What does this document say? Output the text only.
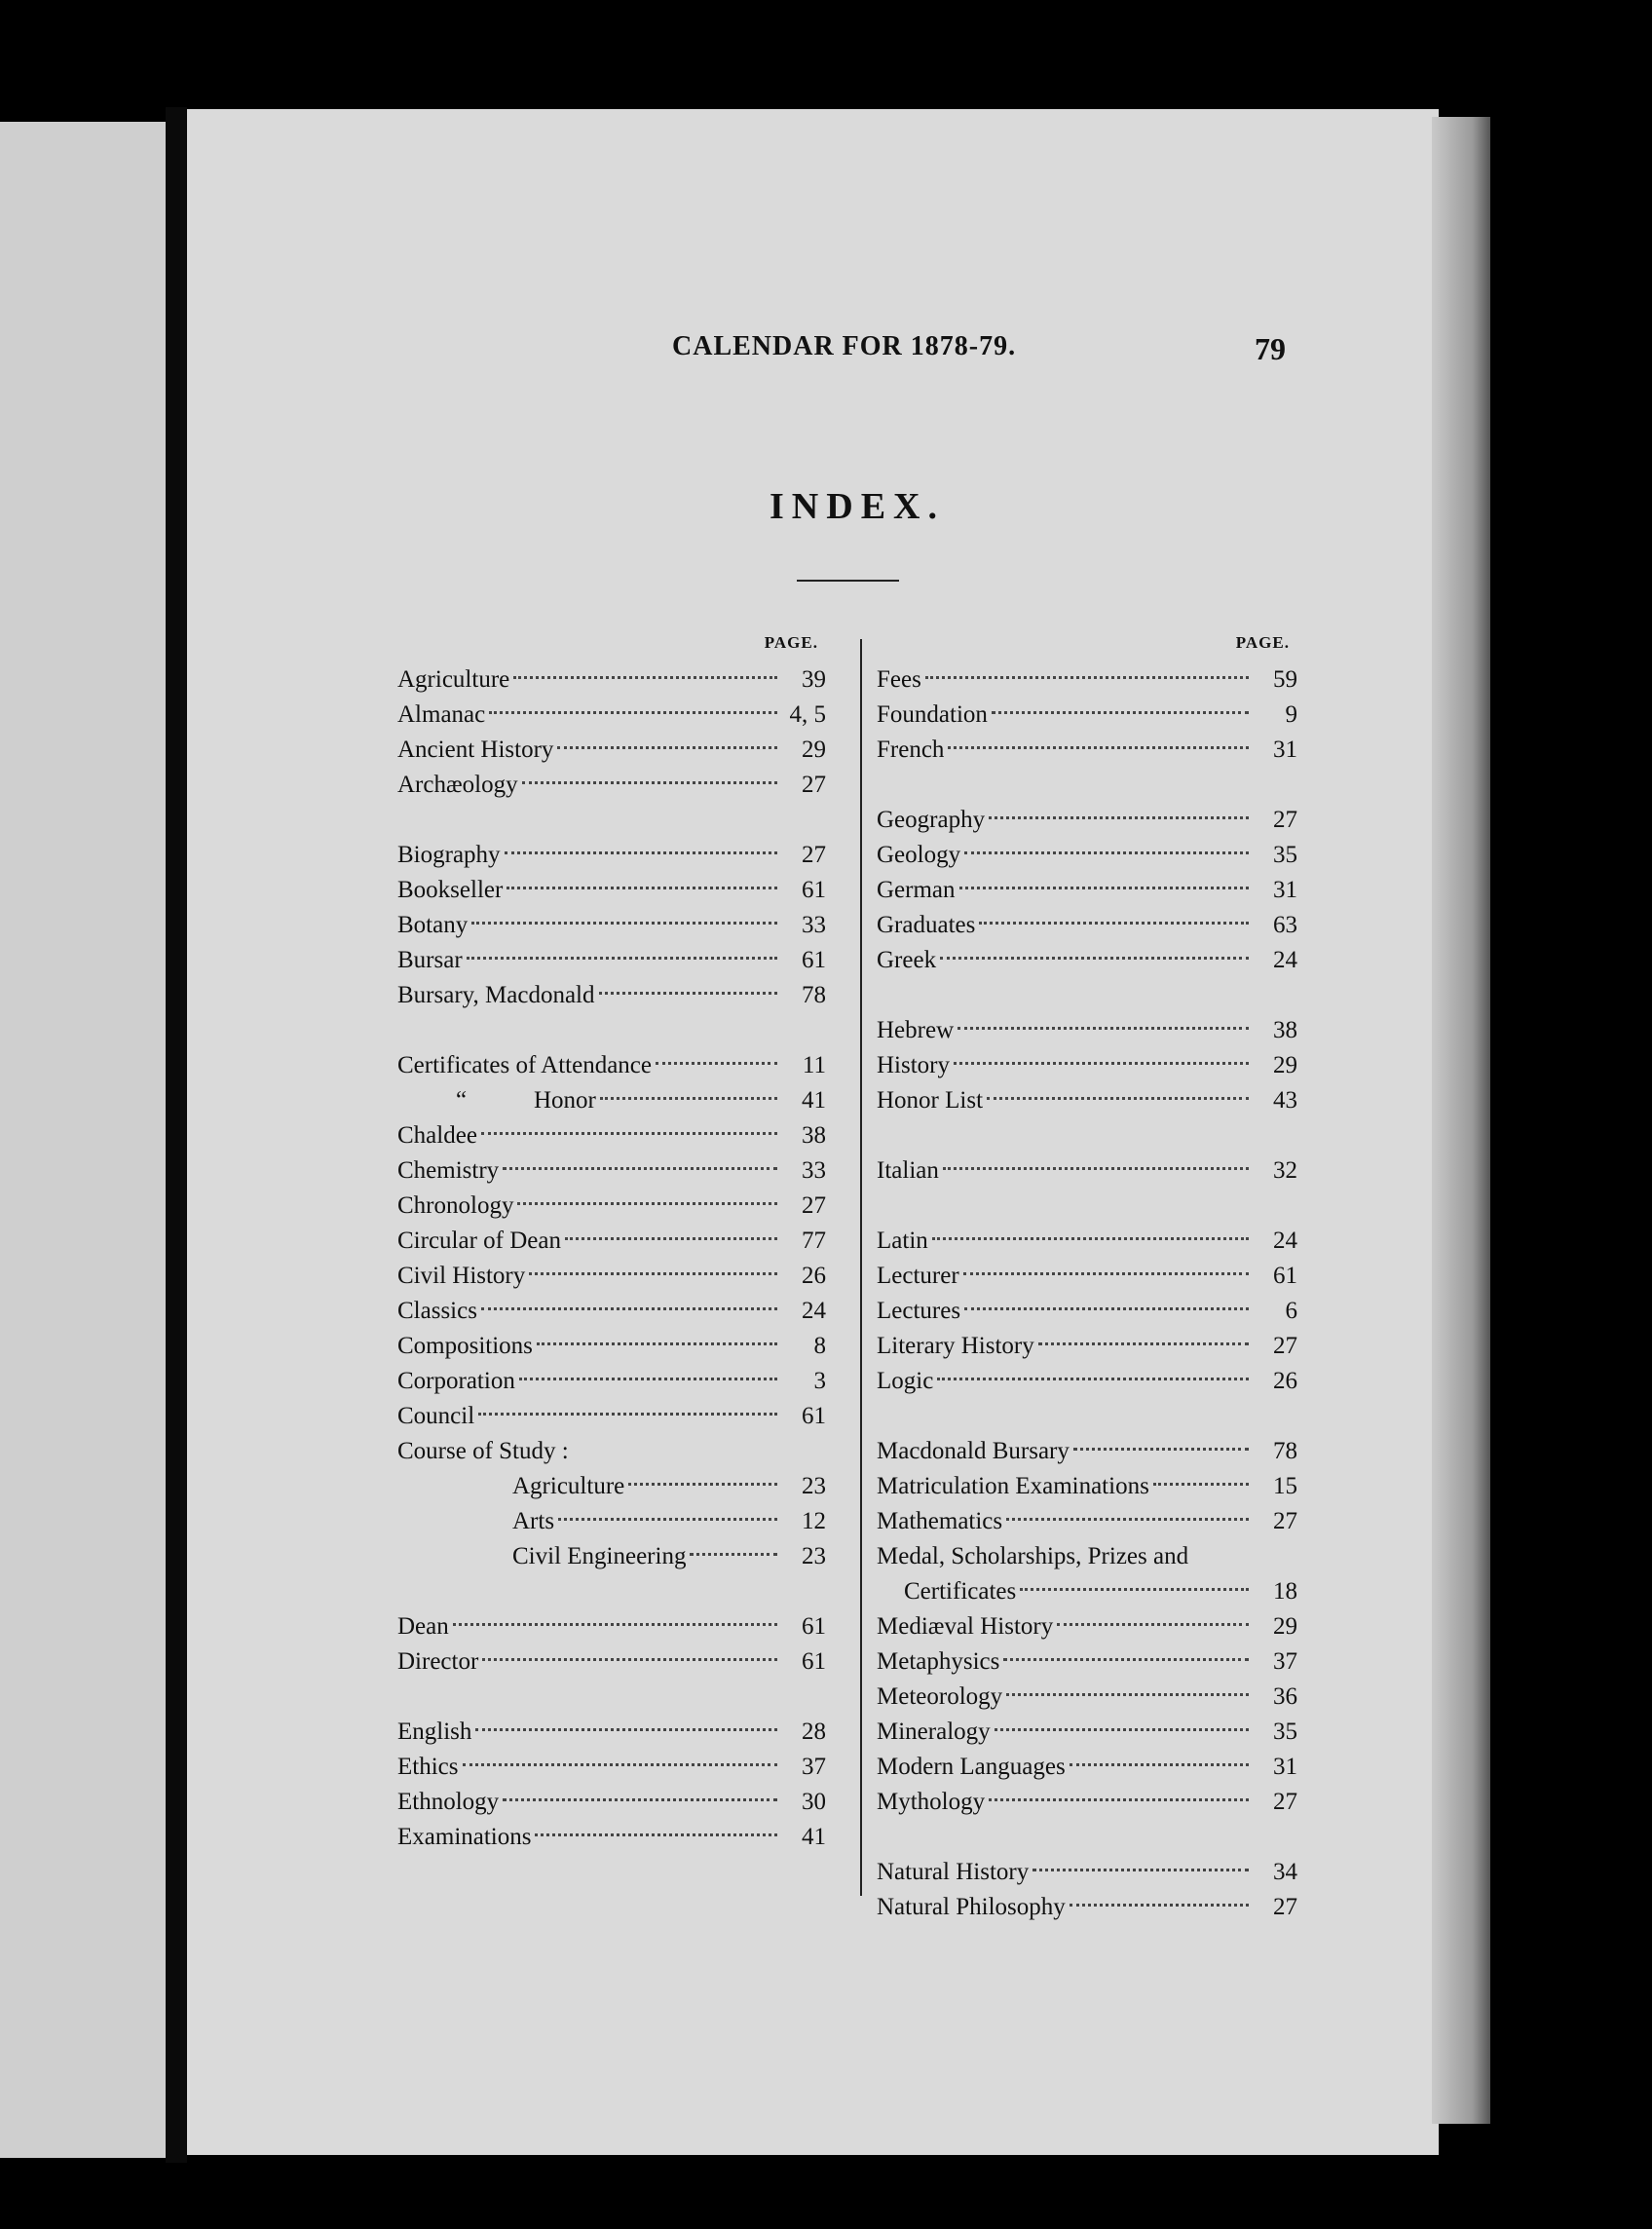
CALENDAR FOR 1878-79.	79
INDEX.
PAGE.
Agriculture	39
Almanac	4, 5
Ancient History	29
Archæology	27
Biography	27
Bookseller	61
Botany	33
Bursar	61
Bursary, Macdonald	78
Certificates of Attendance	11
“	Honor	41
Chaldee	38
Chemistry	33
Chronology	27
Circular of Dean	77
Civil History	26
Classics	24
Compositions	8
Corporation	3
Council	61
Course of Study :
Agriculture	23
Arts	12
Civil Engineering	23
Dean	61
Director	61
English	28
Ethics	37
Ethnology	30
Examinations	41
PAGE.
Fees	59
Foundation	9
French	31
Geography	27
Geology	35
German	31
Graduates	63
Greek	24
Hebrew	38
History	29
Honor List	43
Italian	32
Latin	24
Lecturer	61
Lectures	6
Literary History	27
Logic	26
Macdonald Bursary	78
Matriculation Examinations	15
Mathematics	27
Medal, Scholarships, Prizes and
Certificates	18
Mediæval History	29
Metaphysics	37
Meteorology	36
Mineralogy	35
Modern Languages	31
Mythology	27
Natural History	34
Natural Philosophy	27
